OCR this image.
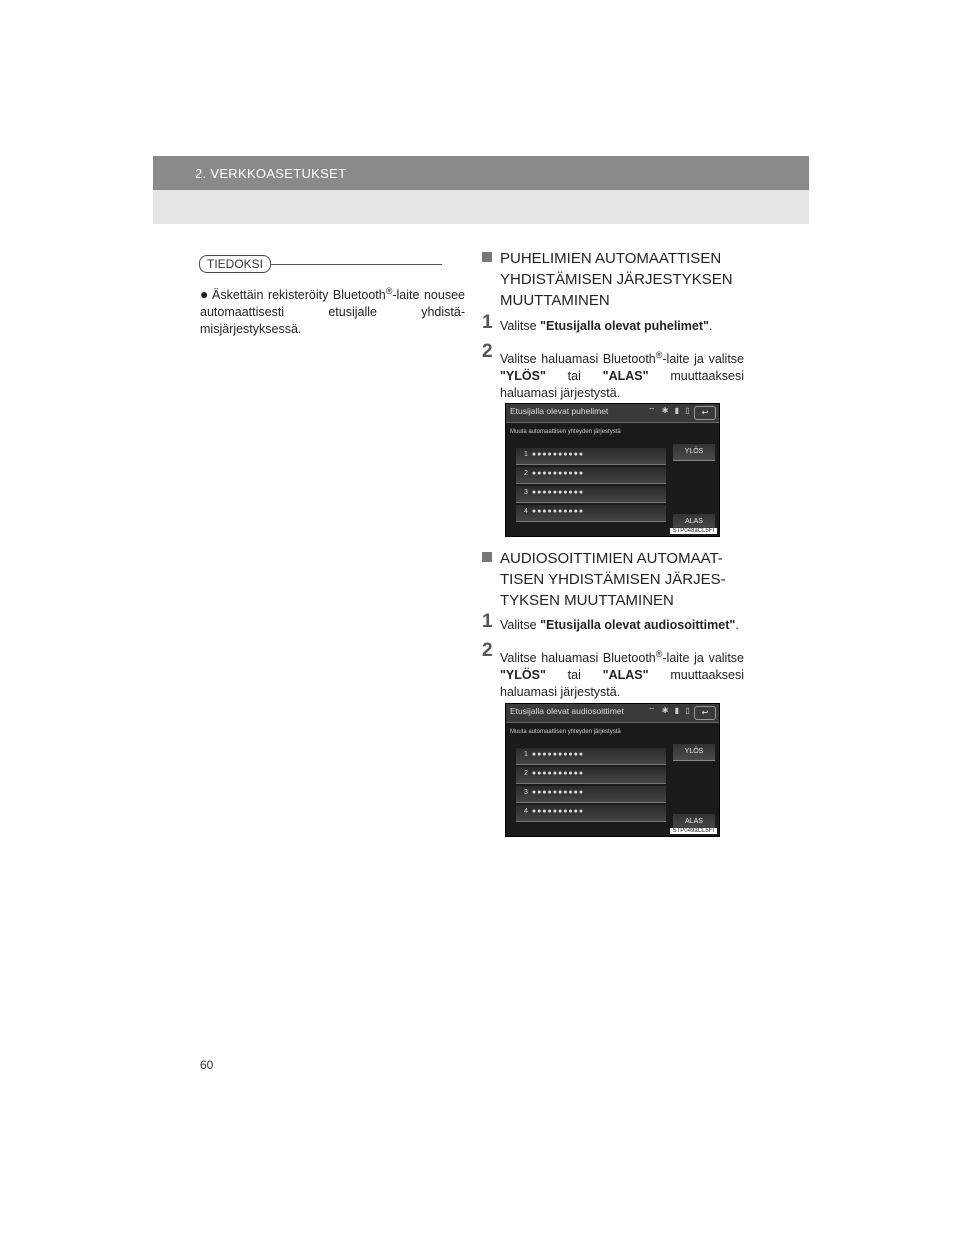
2. VERKKOASETUKSET
TIEDOKSI
● Äskettäin rekisteröity Bluetooth®-laite nousee automaattisesti etusijalle yhdistä-misjärjestyksessä.
PUHELIMIEN AUTOMAATTISEN YHDISTÄMISEN JÄRJESTYKSEN MUUTTAMINEN
1 Valitse "Etusijalla olevat puhelimet".
2 Valitse haluamasi Bluetooth®-laite ja valitse "YLÖS" tai "ALAS" muuttaaksesi haluamasi järjestystä.
Etusijalla olevat puhelimet	⌔ ✱ ▮ ▯	↩
Muuta automaattisen yhteyden järjestystä
1 ●●●●●●●●●●
2 ●●●●●●●●●●
3 ●●●●●●●●●●
4 ●●●●●●●●●●
YLÖS
ALAS
STP048aCL5FI
AUDIOSOITTIMIEN AUTOMAAT-TISEN YHDISTÄMISEN JÄRJES-TYKSEN MUUTTAMINEN
1 Valitse "Etusijalla olevat audiosoittimet".
2 Valitse haluamasi Bluetooth®-laite ja valitse "YLÖS" tai "ALAS" muuttaaksesi haluamasi järjestystä.
Etusijalla olevat audiosoittimet	⌔ ✱ ▮ ▯	↩
Muuta automaattisen yhteyden järjestystä
1 ●●●●●●●●●●
2 ●●●●●●●●●●
3 ●●●●●●●●●●
4 ●●●●●●●●●●
YLÖS
ALAS
STP049aCL5FI
60
